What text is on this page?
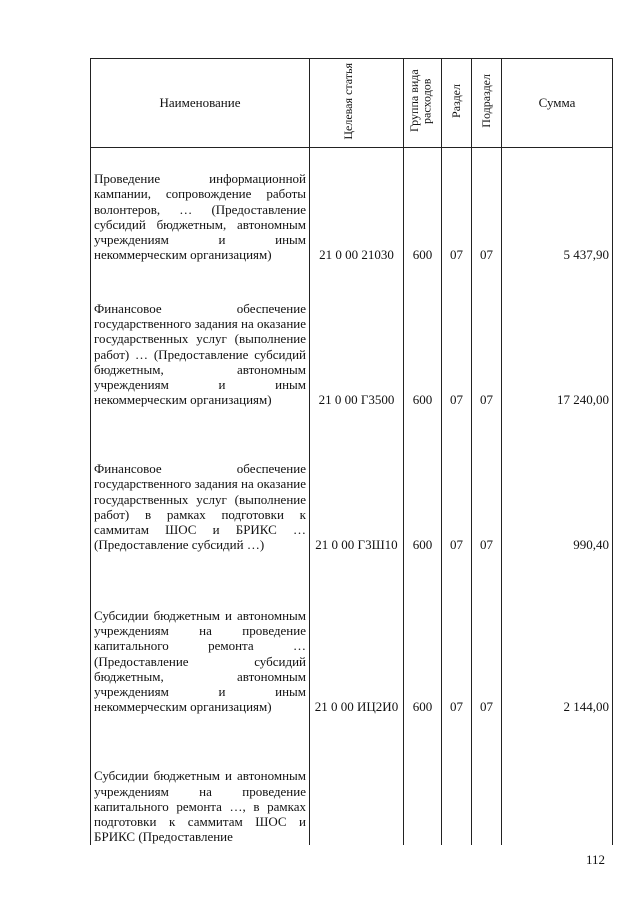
Наименование	Целевая статья	Группа вида расходов	Раздел	Подраздел	Сумма
Проведение информационной кампании, сопровождение работы волонтеров, … (Предоставление субсидий бюджетным, автономным учреждениям и иным некоммерческим организациям)	21 0 00 21030	600	07	07	5 437,90
Финансовое обеспечение государственного задания на оказание государственных услуг (выполнение работ) … (Предоставление субсидий бюджетным, автономным учреждениям и иным некоммерческим организациям)	21 0 00 Г3500	600	07	07	17 240,00
Финансовое обеспечение государственного задания на оказание государственных услуг (выполнение работ) в рамках подготовки к саммитам ШОС и БРИКС … (Предоставление субсидий …)	21 0 00 Г3Ш10	600	07	07	990,40
Субсидии бюджетным и автономным учреждениям на проведение капитального ремонта … (Предоставление субсидий бюджетным, автономным учреждениям и иным некоммерческим организациям)	21 0 00 ИЦ2И0	600	07	07	2 144,00
Субсидии бюджетным и автономным учреждениям на проведение капитального ремонта …, в рамках подготовки к саммитам ШОС и БРИКС (Предоставление					
112
